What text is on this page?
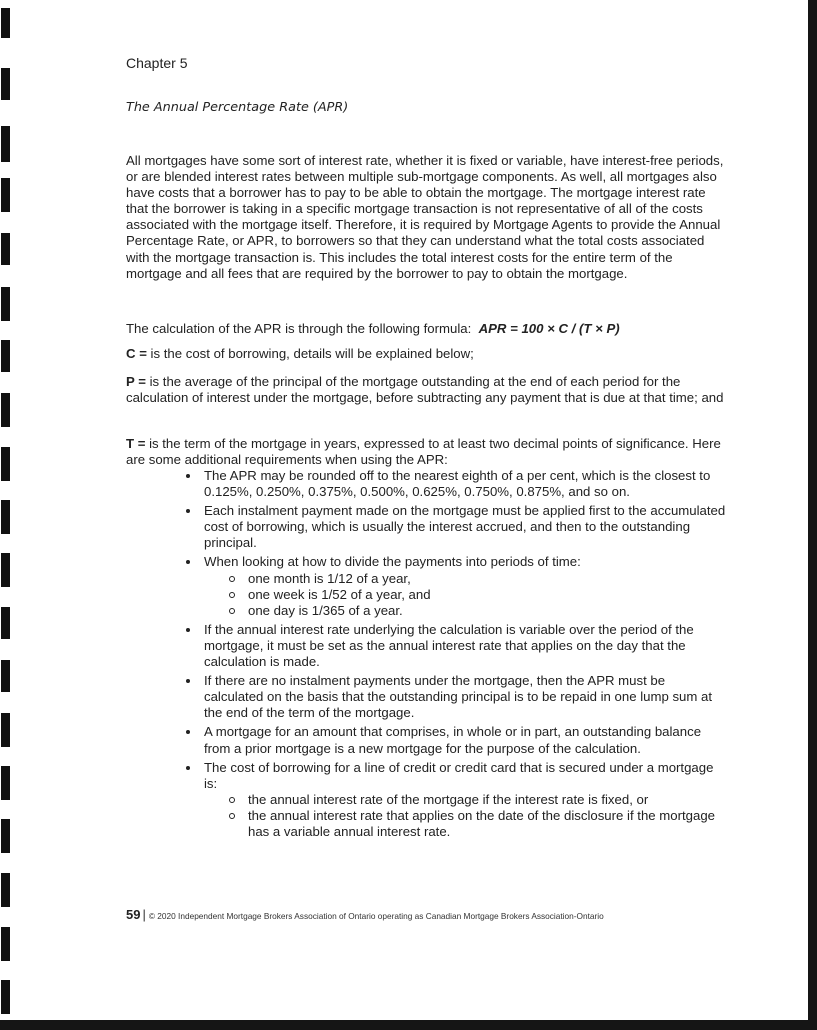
Chapter 5
The Annual Percentage Rate (APR)

All mortgages have some sort of interest rate, whether it is fixed or variable, have interest-free periods, or are blended interest rates between multiple sub-mortgage components. As well, all mortgages also have costs that a borrower has to pay to be able to obtain the mortgage. The mortgage interest rate that the borrower is taking in a specific mortgage transaction is not representative of all of the costs associated with the mortgage itself. Therefore, it is required by Mortgage Agents to provide the Annual Percentage Rate, or APR, to borrowers so that they can understand what the total costs associated with the mortgage transaction is. This includes the total interest costs for the entire term of the mortgage and all fees that are required by the borrower to pay to obtain the mortgage.

The calculation of the APR is through the following formula: APR = 100 × C / (T × P)

C = is the cost of borrowing, details will be explained below;

P = is the average of the principal of the mortgage outstanding at the end of each period for the calculation of interest under the mortgage, before subtracting any payment that is due at that time; and

T = is the term of the mortgage in years, expressed to at least two decimal points of significance. Here are some additional requirements when using the APR:

The APR may be rounded off to the nearest eighth of a per cent, which is the closest to 0.125%, 0.250%, 0.375%, 0.500%, 0.625%, 0.750%, 0.875%, and so on.
Each instalment payment made on the mortgage must be applied first to the accumulated cost of borrowing, which is usually the interest accrued, and then to the outstanding principal.
When looking at how to divide the payments into periods of time:
one month is 1/12 of a year,
one week is 1/52 of a year, and
one day is 1/365 of a year.
If the annual interest rate underlying the calculation is variable over the period of the mortgage, it must be set as the annual interest rate that applies on the day that the calculation is made.
If there are no instalment payments under the mortgage, then the APR must be calculated on the basis that the outstanding principal is to be repaid in one lump sum at the end of the term of the mortgage.
A mortgage for an amount that comprises, in whole or in part, an outstanding balance from a prior mortgage is a new mortgage for the purpose of the calculation.
The cost of borrowing for a line of credit or credit card that is secured under a mortgage is:
the annual interest rate of the mortgage if the interest rate is fixed, or
the annual interest rate that applies on the date of the disclosure if the mortgage has a variable annual interest rate.
59 | © 2020 Independent Mortgage Brokers Association of Ontario operating as Canadian Mortgage Brokers Association-Ontario
